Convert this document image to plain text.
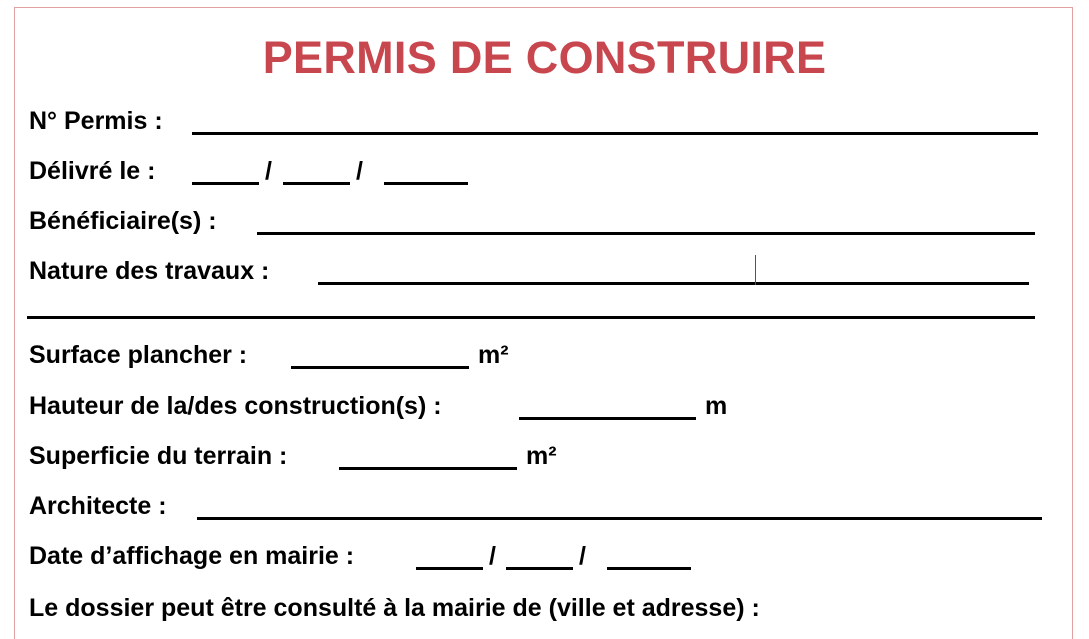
PERMIS DE CONSTRUIRE
N° Permis :
Délivré le :	/	/
Bénéficiaire(s) :
Nature des travaux :
Surface plancher :	m²
Hauteur de la/des construction(s) :	m
Superficie du terrain :	m²
Architecte :
Date d’affichage en mairie :	/	/
Le dossier peut être consulté à la mairie de (ville et adresse) :
